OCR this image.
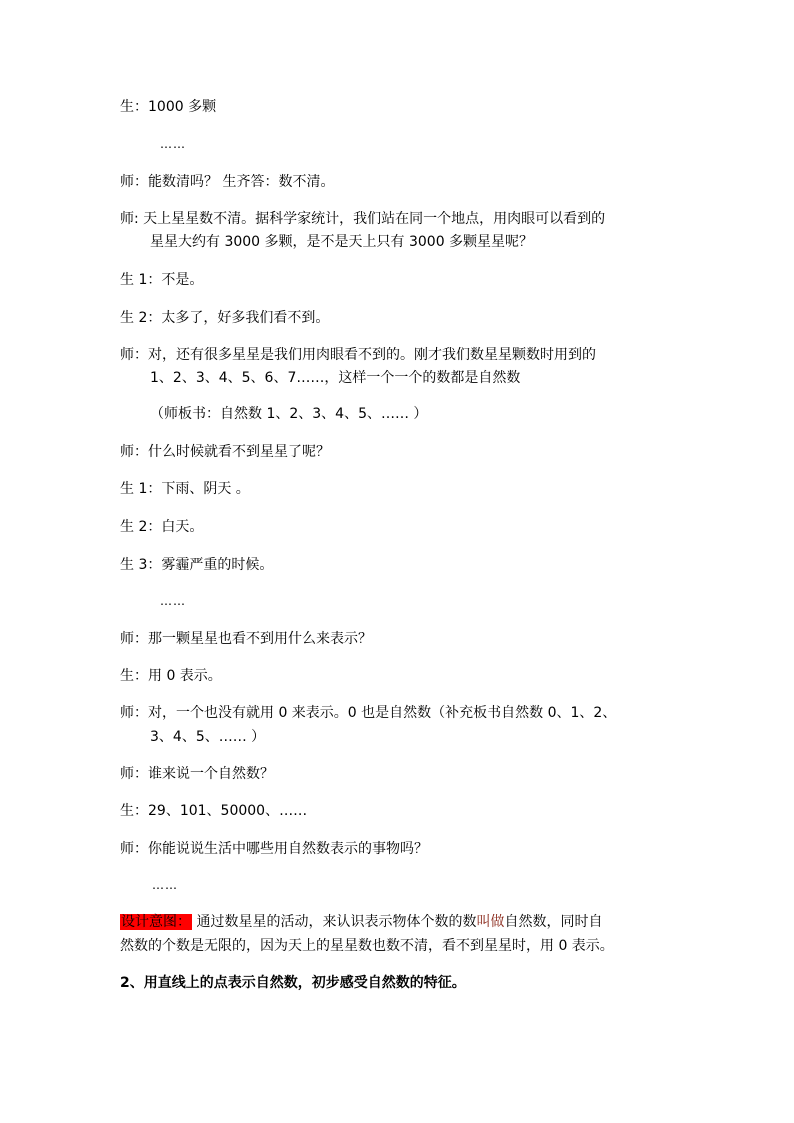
生：1000 多颗
……
师：能数清吗？ 生齐答：数不清。
师: 天上星星数不清。据科学家统计，我们站在同一个地点，用肉眼可以看到的
星星大约有 3000 多颗，是不是天上只有 3000 多颗星星呢？
生 1：不是。
生 2：太多了，好多我们看不到。
师：对，还有很多星星是我们用肉眼看不到的。刚才我们数星星颗数时用到的
1、2、3、4、5、6、7……，这样一个一个的数都是自然数
（师板书：自然数 1、2、3、4、5、…… ）
师：什么时候就看不到星星了呢？
生 1：下雨、阴天 。
生 2：白天。
生 3：雾霾严重的时候。
……
师：那一颗星星也看不到用什么来表示？
生：用 0 表示。
师：对，一个也没有就用 0 来表示。0 也是自然数（补充板书自然数 0、1、2、
3、4、5、…… ）
师：谁来说一个自然数？
生：29、101、50000、……
师：你能说说生活中哪些用自然数表示的事物吗？
……
设计意图： 通过数星星的活动，来认识表示物体个数的数叫做自然数，同时自
然数的个数是无限的，因为天上的星星数也数不清，看不到星星时，用 0 表示。
2、用直线上的点表示自然数，初步感受自然数的特征。
